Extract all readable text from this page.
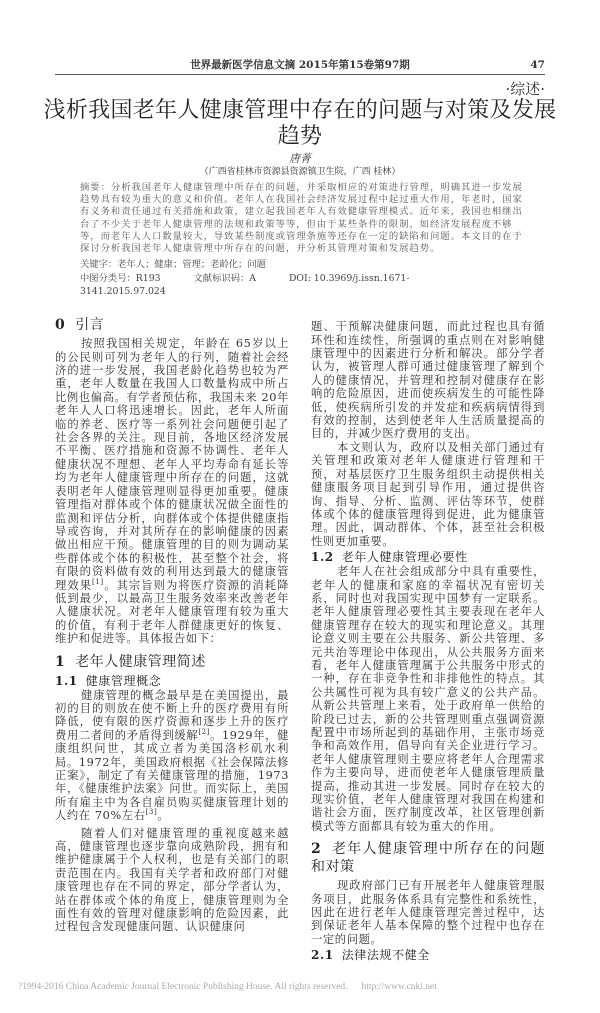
世界最新医学信息文摘 2015年第15卷第97期	47
·综述·
浅析我国老年人健康管理中存在的问题与对策及发展趋势
唐菁
（广西省桂林市资源县资源镇卫生院，广西 桂林）
摘要：分析我国老年人健康管理中所存在的问题，并采取相应的对策进行管理，明确其进一步发展趋势具有较为重大的意义和价值。老年人在我国社会经济发展过程中起过重大作用，年老时，国家有义务和责任通过有关措施和政策，建立起我国老年人有效健康管理模式。近年来，我国也相继出台了不少关于老年人健康管理的法规和政策等等，但由于某些条件的限制，如经济发展程度不够等，而老年人人口数量较大，导致某些制度或管理条施等还存在一定的缺陷和问题。本文目的在于探讨分析我国老年人健康管理中所存在的问题，并分析其管理对策和发展趋势。
关键字：老年人；健康；管理；老龄化；问题
中图分类号：R193	文献标识码：A	DOI: 10.3969/j.issn.1671-3141.2015.97.024
0 引言

按照我国相关规定，年龄在 65岁以上的公民则可列为老年人的行列，随着社会经济的进一步发展，我国老龄化趋势也较为严重，老年人数量在我国人口数量构成中所占比例也偏高。有学者预估称，我国未来 20年老年人人口将迅速增长。因此，老年人所面临的养老、医疗等一系列社会问题便引起了社会各界的关注。现目前，各地区经济发展不平衡、医疗措施和资源不协调性、老年人健康状况不理想、老年人平均寿命有延长等均为老年人健康管理中所存在的问题，这就表明老年人健康管理则显得更加重要。健康管理指对群体或个体的健康状况做全面性的监测和评估分析，向群体或个体提供健康指导或咨询，并对其所存在的影响健康的因素做出相应干预。健康管理的目的则为调动某些群体或个体的积极性，甚至整个社会，将有限的资料做有效的利用达到最大的健康管理效果[1]。其宗旨则为将医疗资源的消耗降低到最少，以最高卫生服务效率来改善老年人健康状况。对老年人健康管理有较为重大的价值，有利于老年人群健康更好的恢复、维护和促进等。具体报告如下：

1 老年人健康管理简述
1.1 健康管理概念

健康管理的概念最早是在美国提出，最初的目的则放在使不断上升的医疗费用有所降低，使有限的医疗资源和逐步上升的医疗费用二者间的矛盾得到缓解[2]。1929年，健康组织问世，其成立者为美国洛杉矶水利局。1972年，美国政府根据《社会保障法修正案》，制定了有关健康管理的措施，1973年，《健康维护法案》问世。而实际上，美国所有雇主中为各自雇员购买健康管理计划的人约在 70%左右[3]。

随着人们对健康管理的重视度越来越高，健康管理也逐步靠向成熟阶段，拥有和维护健康属于个人权利，也是有关部门的职责范围在内。我国有关学者和政府部门对健康管理也存在不同的界定，部分学者认为，站在群体或个体的角度上，健康管理则为全面性有效的管理对健康影响的危险因素，此过程包含发现健康问题、认识健康问

题、干预解决健康问题，而此过程也具有循环性和连续性，所强调的重点则在对影响健康管理中的因素进行分析和解决。部分学者认为，被管理人群可通过健康管理了解到个人的健康情况，并管理和控制对健康存在影响的危险原因，进而使疾病发生的可能性降低，使疾病所引发的并发症和疾病病情得到有效的控制，达到使老年人生活质量提高的目的，并减少医疗费用的支出。

本文则认为，政府以及相关部门通过有关管理和政策对老年人健康进行管理和干预，对基层医疗卫生服务组织主动提供相关健康服务项目起到引导作用，通过提供咨询、指导、分析、监测、评估等环节，使群体或个体的健康管理得到促进，此为健康管理。因此，调动群体、个体，甚至社会积极性则更加重要。

1.2 老年人健康管理必要性

老年人在社会组成部分中具有重要性，老年人的健康和家庭的幸福状况有密切关系，同时也对我国实现中国梦有一定联系。老年人健康管理必要性其主要表现在老年人健康管理存在较大的现实和理论意义。其理论意义则主要在公共服务、新公共管理、多元共治等理论中体现出，从公共服务方面来看，老年人健康管理属于公共服务中形式的一种，存在非竞争性和非排他性的特点。其公共属性可视为具有较广意义的公共产品。从新公共管理上来看，处于政府单一供给的阶段已过去，新的公共管理则重点强调资源配置中市场所起到的基础作用，主张市场竞争和高效作用，倡导向有关企业进行学习。老年人健康管理则主要应将老年人合理需求作为主要向导，进而使老年人健康管理质量提高，推动其进一步发展。同时存在较大的现实价值，老年人健康管理对我国在构建和谐社会方面，医疗制度改革，社区管理创新模式等方面都具有较为重大的作用。

2 老年人健康管理中所存在的问题和对策

现政府部门已有开展老年人健康管理服务项目，此服务体系具有完整性和系统性，因此在进行老年人健康管理完善过程中，达到保证老年人基本保障的整个过程中也存在一定的问题。

2.1 法律法规不健全
?1994-2016 China Academic Journal Electronic Publishing House. All rights reserved. http://www.cnki.net
